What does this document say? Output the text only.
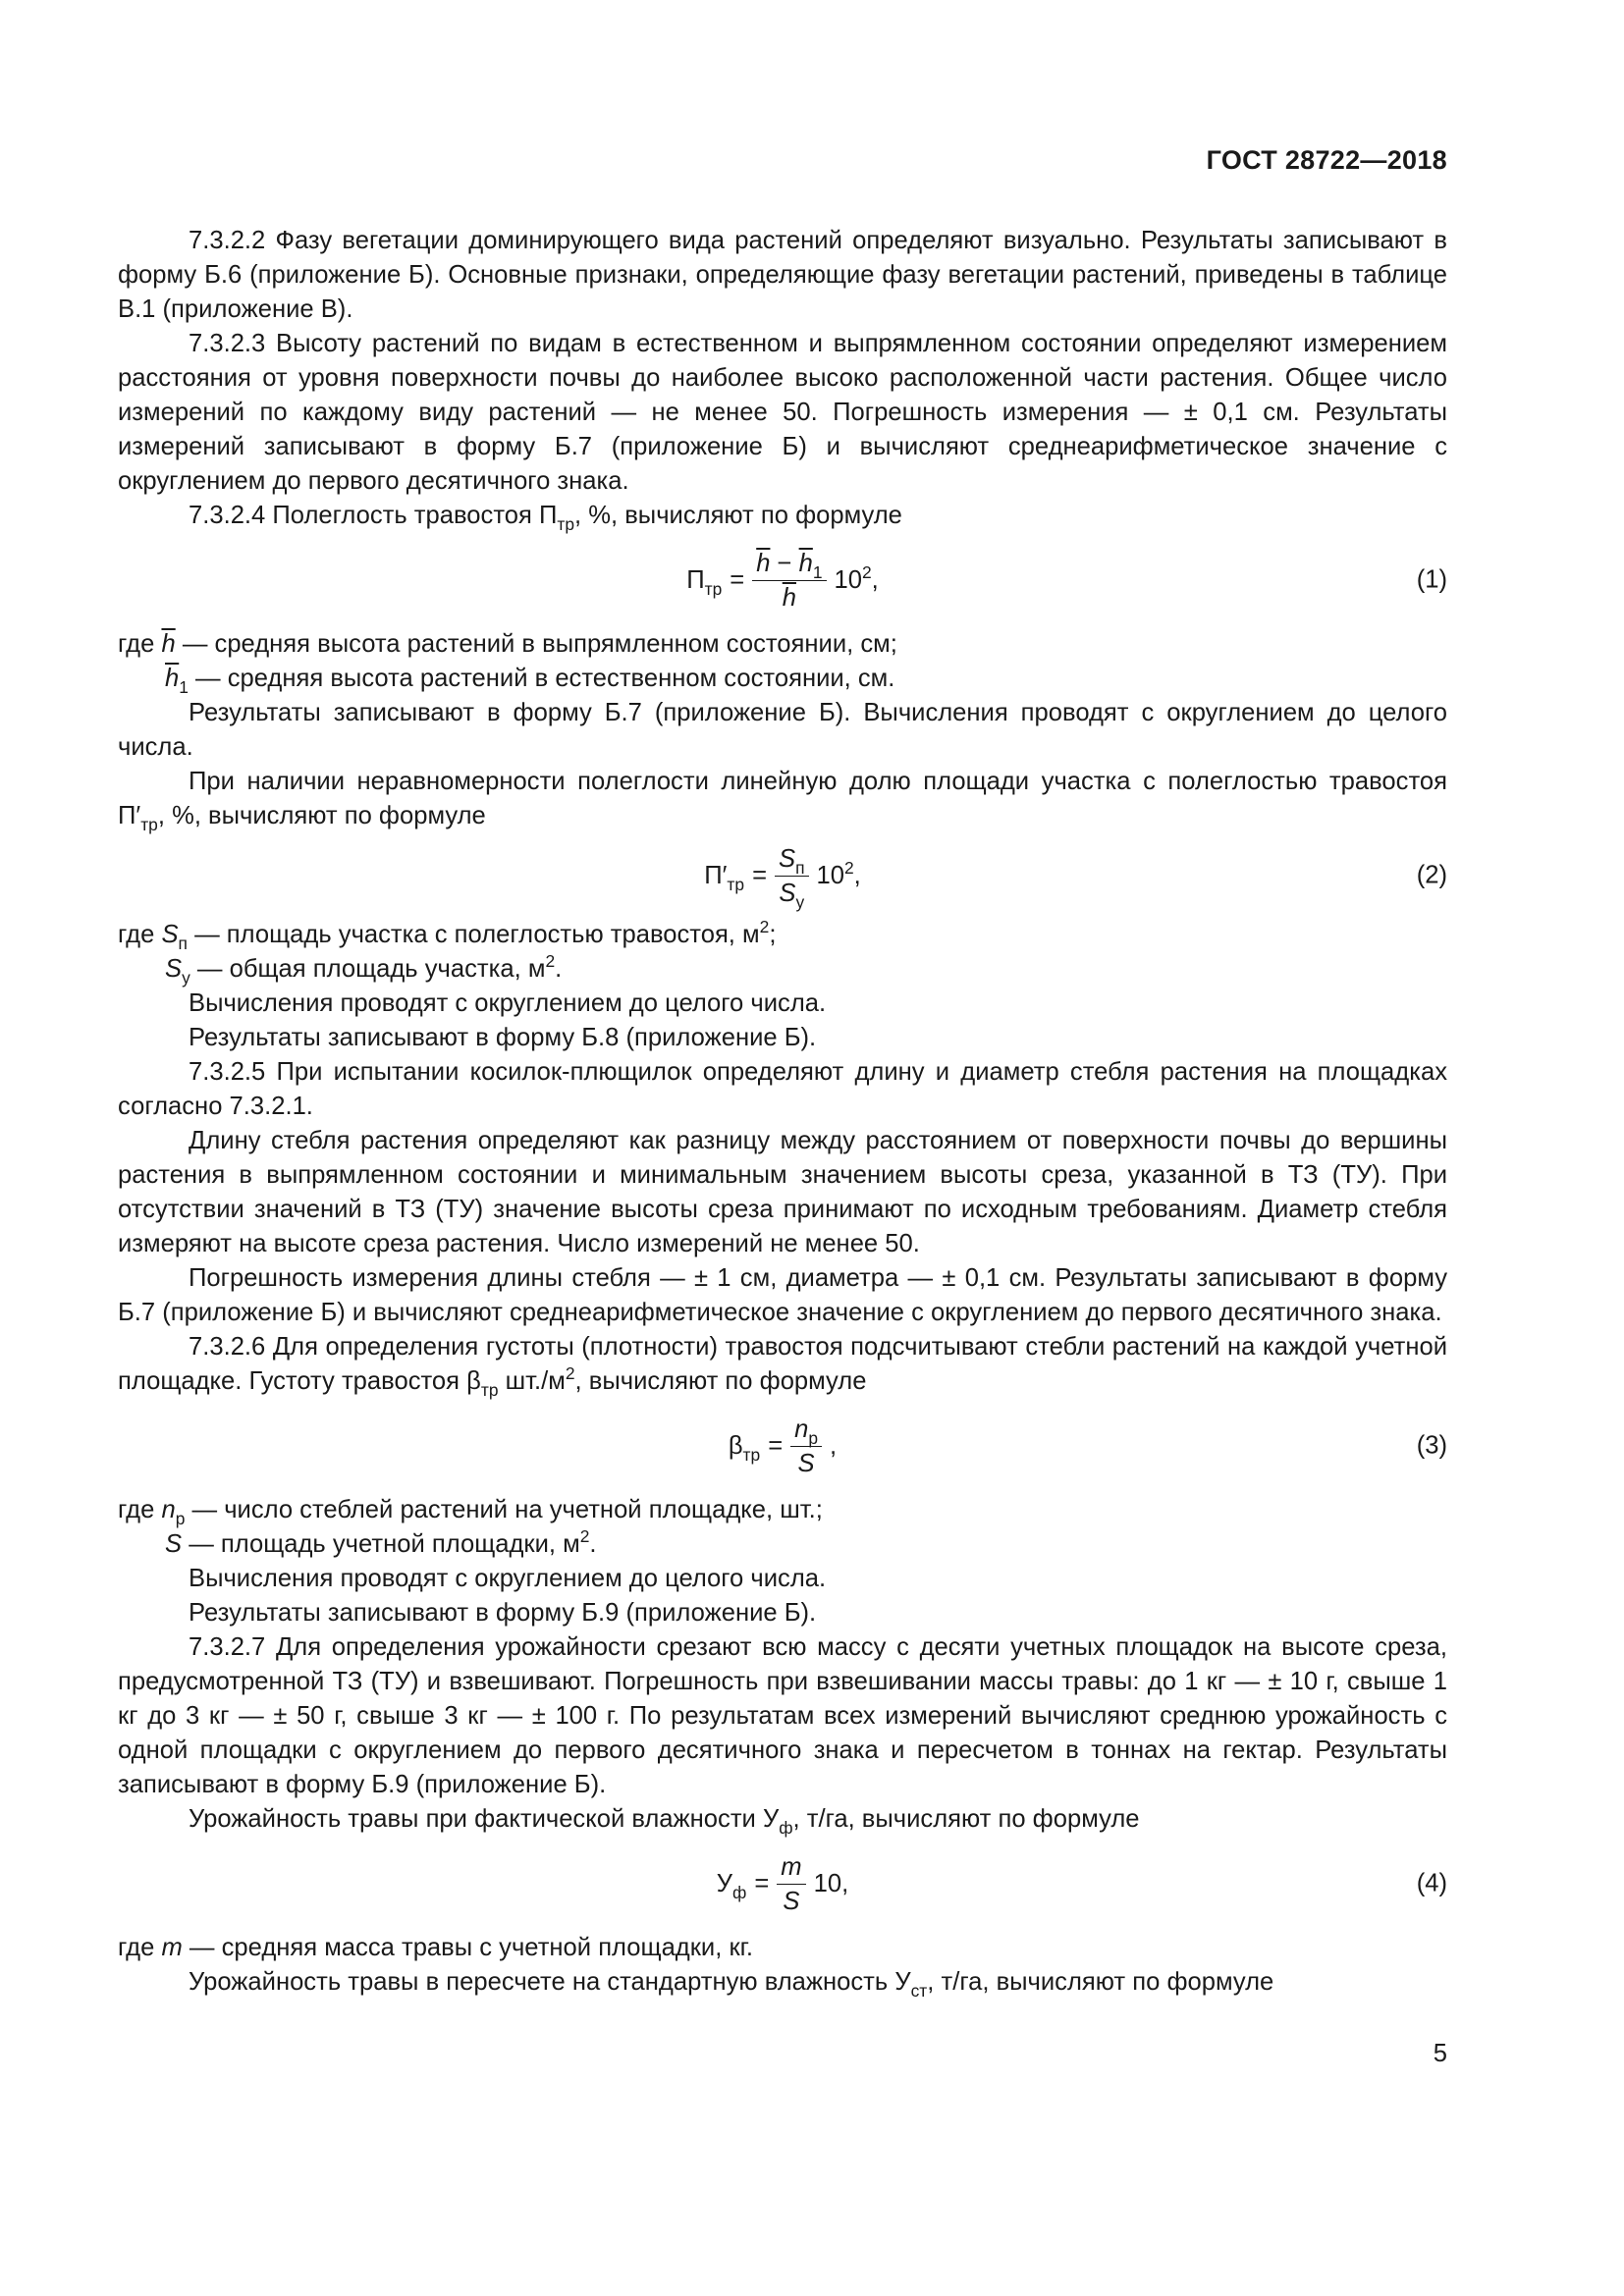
ГОСТ 28722—2018

7.3.2.2 Фазу вегетации доминирующего вида растений определяют визуально. Результаты записывают в форму Б.6 (приложение Б). Основные признаки, определяющие фазу вегетации растений, приведены в таблице В.1 (приложение В).

7.3.2.3 Высоту растений по видам в естественном и выпрямленном состоянии определяют измерением расстояния от уровня поверхности почвы до наиболее высоко расположенной части растения. Общее число измерений по каждому виду растений — не менее 50. Погрешность измерения — ± 0,1 см. Результаты измерений записывают в форму Б.7 (приложение Б) и вычисляют среднеарифметическое значение с округлением до первого десятичного знака.

7.3.2.4 Полеглость травостоя $П_{тр}$, %, вычисляют по формуле

$П_{тр} = \frac{\overline{h} - \overline{h}_1}{h} 10^2$,	(1)

где $\overline{h}$ — средняя высота растений в выпрямленном состоянии, см;

$\overline{h}_1$ — средняя высота растений в естественном состоянии, см.

Результаты записывают в форму Б.7 (приложение Б). Вычисления проводят с округлением до целого числа.

При наличии неравномерности полеглости линейную долю площади участка с полеглостью травостоя $П'_{тр}$, %, вычисляют по формуле

$П'_{тр} = \frac{S_п}{S_у} 10^2$,	(2)

где $S_п$ — площадь участка с полеглостью травостоя, $м^2$;

$S_у$ — общая площадь участка, $м^2$.

Вычисления проводят с округлением до целого числа.

Результаты записывают в форму Б.8 (приложение Б).

7.3.2.5 При испытании косилок-плющилок определяют длину и диаметр стебля растения на площадках согласно 7.3.2.1.

Длину стебля растения определяют как разницу между расстоянием от поверхности почвы до вершины растения в выпрямленном состоянии и минимальным значением высоты среза, указанной в ТЗ (ТУ). При отсутствии значений в ТЗ (ТУ) значение высоты среза принимают по исходным требованиям. Диаметр стебля измеряют на высоте среза растения. Число измерений не менее 50.

Погрешность измерения длины стебля — ± 1 см, диаметра — ± 0,1 см. Результаты записывают в форму Б.7 (приложение Б) и вычисляют среднеарифметическое значение с округлением до первого десятичного знака.

7.3.2.6 Для определения густоты (плотности) травостоя подсчитывают стебли растений на каждой учетной площадке. Густоту травостоя $\beta_{тр}$ $шт./м^2$, вычисляют по формуле

$\beta_{тр} = \frac{n_р}{S}$ ,	(3)

где $n_р$ — число стеблей растений на учетной площадке, шт.;

S — площадь учетной площадки, $м^2$.

Вычисления проводят с округлением до целого числа.

Результаты записывают в форму Б.9 (приложение Б).

7.3.2.7 Для определения урожайности срезают всю массу с десяти учетных площадок на высоте среза, предусмотренной ТЗ (ТУ) и взвешивают. Погрешность при взвешивании массы травы: до 1 кг — ± 10 г, свыше 1 кг до 3 кг — ± 50 г, свыше 3 кг — ± 100 г. По результатам всех измерений вычисляют среднюю урожайность с одной площадки с округлением до первого десятичного знака и пересчетом в тоннах на гектар. Результаты записывают в форму Б.9 (приложение Б).

Урожайность травы при фактической влажности $У_ф$, т/га, вычисляют по формуле

$У_ф = \frac{m}{S} 10$,	(4)

где m — средняя масса травы с учетной площадки, кг.

Урожайность травы в пересчете на стандартную влажность $У_{ст}$, т/га, вычисляют по формуле

5
